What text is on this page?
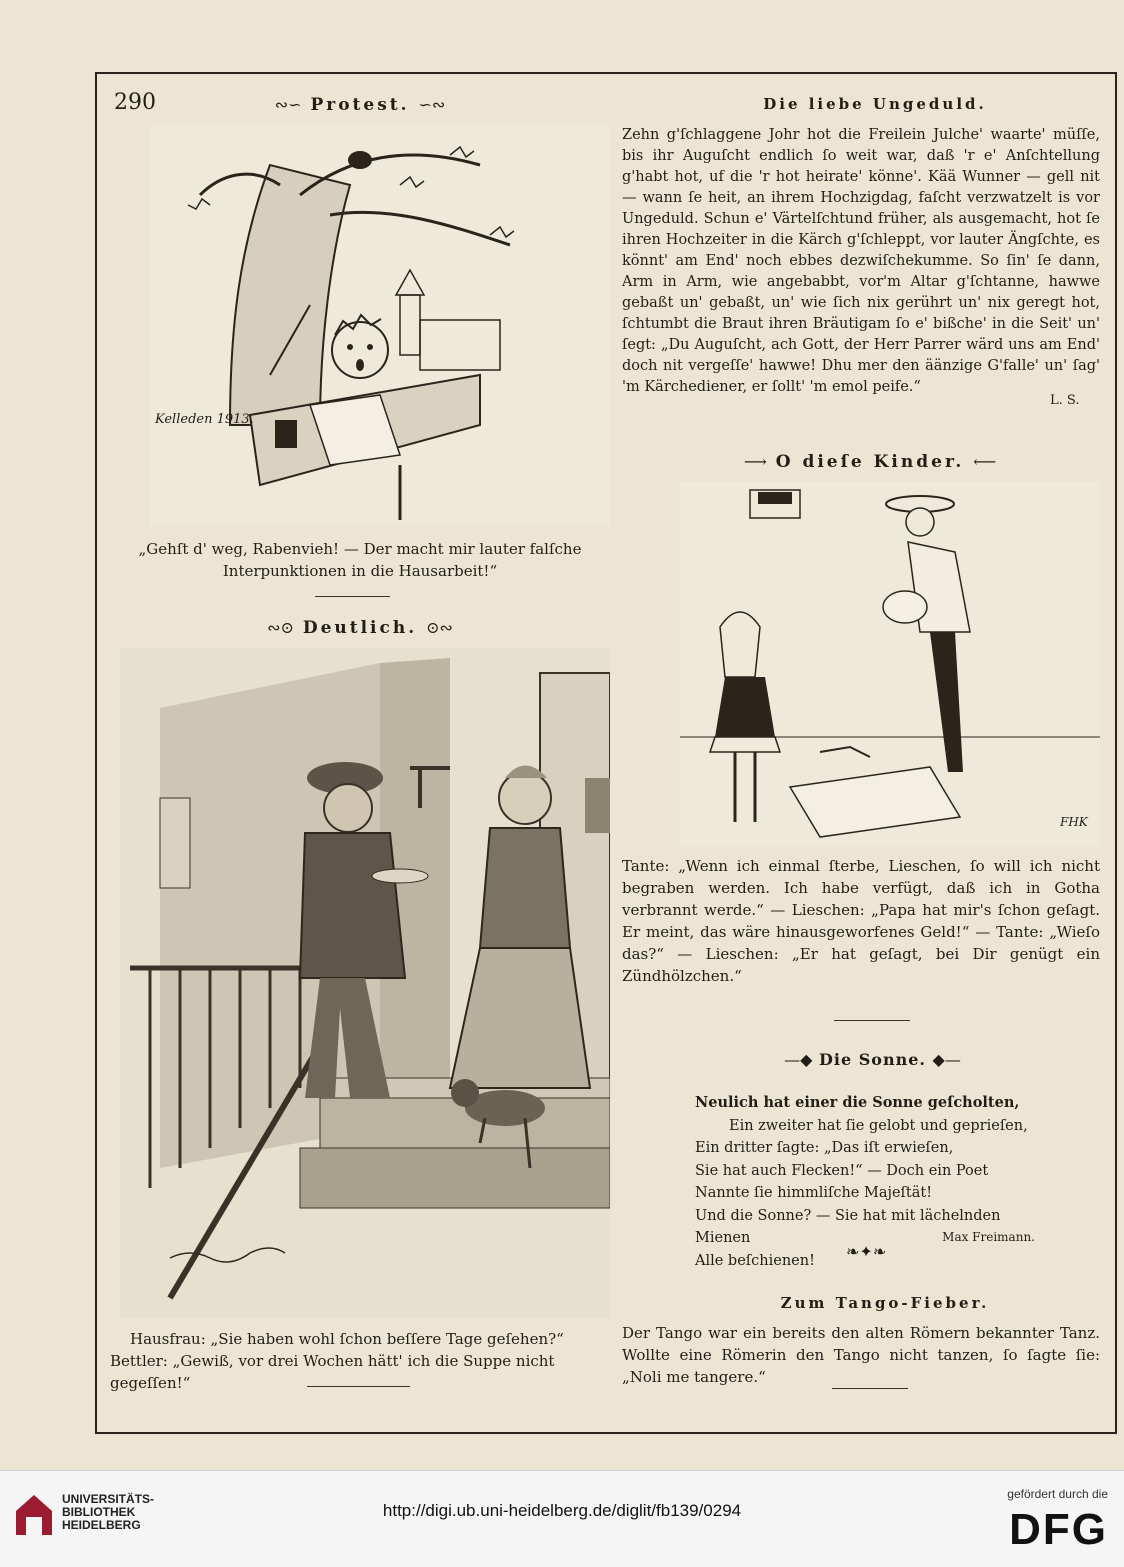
290	∾∽ Protest. ∽∾
Kelleden 1913.
„Gehſt d' weg, Rabenvieh! — Der macht mir lauter falſche Interpunktionen in die Hausarbeit!“
∾⊙ Deutlich. ⊙∾
Hausfrau: „Sie haben wohl ſchon beſſere Tage geſehen?“
Bettler: „Gewiß, vor drei Wochen hätt' ich die Suppe nicht gegeſſen!“
Die liebe Ungeduld.

Zehn g'ſchlaggene Johr hot die Freilein Julche' waarte' müſſe, bis ihr Auguſcht endlich ſo weit war, daß 'r e' Anſchtellung g'habt hot, uf die 'r hot heirate' könne'. Kää Wunner — gell nit — wann ſe heit, an ihrem Hochzigdag, faſcht verzwatzelt is vor Ungeduld. Schun e' Värtelſchtund früher, als ausgemacht, hot ſe ihren Hochzeiter in die Kärch g'ſchleppt, vor lauter Ängſchte, es könnt' am End' noch ebbes dezwiſchekumme. So ſin' ſe dann, Arm in Arm, wie angebabbt, vor'm Altar g'ſchtanne, hawwe gebaßt un' gebaßt, un' wie ſich nix gerührt un' nix geregt hot, ſchtumbt die Braut ihren Bräutigam ſo e' bißche' in die Seit' un' ſegt: „Du Auguſcht, ach Gott, der Herr Parrer wärd uns am End' doch nit vergeſſe' hawwe! Dhu mer den äänzige G'falle' un' ſag' 'm Kärchediener, er ſollt' 'm emol peife.“

L. S.
⟶ O dieſe Kinder. ⟵
FHK

Tante: „Wenn ich einmal ſterbe, Lieschen, ſo will ich nicht begraben werden. Ich habe verfügt, daß ich in Gotha verbrannt werde.“ — Lieschen: „Papa hat mir's ſchon geſagt. Er meint, das wäre hinausgeworfenes Geld!“ — Tante: „Wieſo das?“ — Lieschen: „Er hat geſagt, bei Dir genügt ein Zündhölzchen.“

—◆ Die Sonne. ◆—
Neulich hat einer die Sonne geſcholten,
Ein zweiter hat ſie gelobt und geprieſen,
Ein dritter ſagte: „Das iſt erwieſen,
Sie hat auch Flecken!“ — Doch ein Poet
Nannte ſie himmliſche Majeſtät!
Und die Sonne? — Sie hat mit lächelnden Mienen
Alle beſchienen!
Max Freimann.
❧✦❧
Zum Tango-Fieber.

Der Tango war ein bereits den alten Römern bekannter Tanz. Wollte eine Römerin den Tango nicht tanzen, ſo ſagte ſie: „Noli me tangere.“

UNIVERSITÄTS-
BIBLIOTHEK
HEIDELBERG
http://digi.ub.uni-heidelberg.de/diglit/fb139/0294
gefördert durch die
DFG
